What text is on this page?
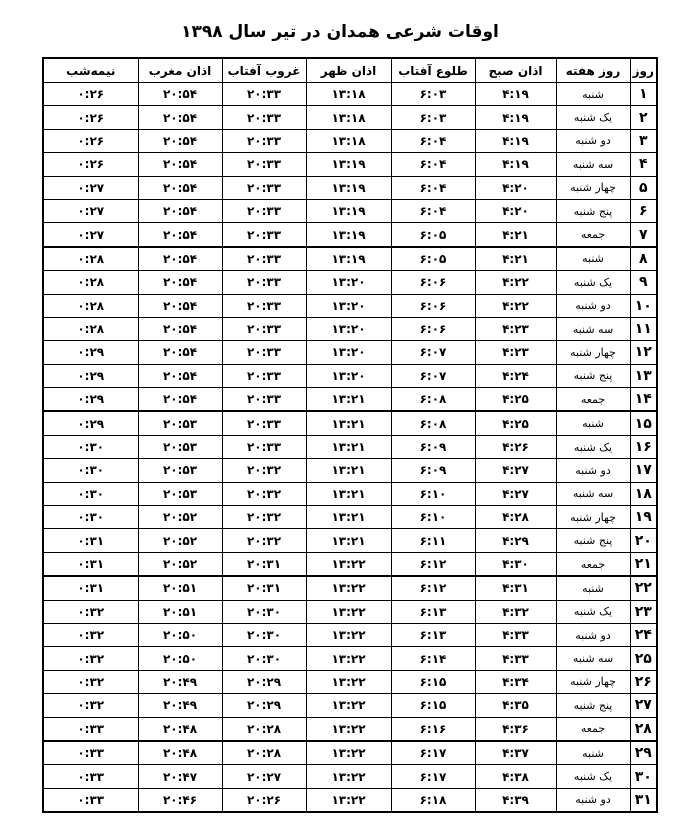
اوقات شرعی همدان در تیر سال ۱۳۹۸
روز	روز هفته	اذان صبح	طلوع آفتاب	اذان ظهر	غروب آفتاب	اذان مغرب	نیمه‌شب
۱	شنبه	۴:۱۹	۶:۰۳	۱۳:۱۸	۲۰:۳۳	۲۰:۵۴	۰:۲۶
۲	یک شنبه	۴:۱۹	۶:۰۳	۱۳:۱۸	۲۰:۳۳	۲۰:۵۴	۰:۲۶
۳	دو شنبه	۴:۱۹	۶:۰۴	۱۳:۱۸	۲۰:۳۳	۲۰:۵۴	۰:۲۶
۴	سه شنبه	۴:۱۹	۶:۰۴	۱۳:۱۹	۲۰:۳۳	۲۰:۵۴	۰:۲۶
۵	چهار شنبه	۴:۲۰	۶:۰۴	۱۳:۱۹	۲۰:۳۳	۲۰:۵۴	۰:۲۷
۶	پنج شنبه	۴:۲۰	۶:۰۴	۱۳:۱۹	۲۰:۳۳	۲۰:۵۴	۰:۲۷
۷	جمعه	۴:۲۱	۶:۰۵	۱۳:۱۹	۲۰:۳۳	۲۰:۵۴	۰:۲۷
۸	شنبه	۴:۲۱	۶:۰۵	۱۳:۱۹	۲۰:۳۳	۲۰:۵۴	۰:۲۸
۹	یک شنبه	۴:۲۲	۶:۰۶	۱۳:۲۰	۲۰:۳۳	۲۰:۵۴	۰:۲۸
۱۰	دو شنبه	۴:۲۲	۶:۰۶	۱۳:۲۰	۲۰:۳۳	۲۰:۵۴	۰:۲۸
۱۱	سه شنبه	۴:۲۳	۶:۰۶	۱۳:۲۰	۲۰:۳۳	۲۰:۵۴	۰:۲۸
۱۲	چهار شنبه	۴:۲۳	۶:۰۷	۱۳:۲۰	۲۰:۳۳	۲۰:۵۴	۰:۲۹
۱۳	پنج شنبه	۴:۲۴	۶:۰۷	۱۳:۲۰	۲۰:۳۳	۲۰:۵۴	۰:۲۹
۱۴	جمعه	۴:۲۵	۶:۰۸	۱۳:۲۱	۲۰:۳۳	۲۰:۵۴	۰:۲۹
۱۵	شنبه	۴:۲۵	۶:۰۸	۱۳:۲۱	۲۰:۳۳	۲۰:۵۳	۰:۲۹
۱۶	یک شنبه	۴:۲۶	۶:۰۹	۱۳:۲۱	۲۰:۳۳	۲۰:۵۳	۰:۳۰
۱۷	دو شنبه	۴:۲۷	۶:۰۹	۱۳:۲۱	۲۰:۳۲	۲۰:۵۳	۰:۳۰
۱۸	سه شنبه	۴:۲۷	۶:۱۰	۱۳:۲۱	۲۰:۳۲	۲۰:۵۳	۰:۳۰
۱۹	چهار شنبه	۴:۲۸	۶:۱۰	۱۳:۲۱	۲۰:۳۲	۲۰:۵۲	۰:۳۰
۲۰	پنج شنبه	۴:۲۹	۶:۱۱	۱۳:۲۱	۲۰:۳۲	۲۰:۵۲	۰:۳۱
۲۱	جمعه	۴:۳۰	۶:۱۲	۱۳:۲۲	۲۰:۳۱	۲۰:۵۲	۰:۳۱
۲۲	شنبه	۴:۳۱	۶:۱۲	۱۳:۲۲	۲۰:۳۱	۲۰:۵۱	۰:۳۱
۲۳	یک شنبه	۴:۳۲	۶:۱۳	۱۳:۲۲	۲۰:۳۰	۲۰:۵۱	۰:۳۲
۲۴	دو شنبه	۴:۳۳	۶:۱۳	۱۳:۲۲	۲۰:۳۰	۲۰:۵۰	۰:۳۲
۲۵	سه شنبه	۴:۳۳	۶:۱۴	۱۳:۲۲	۲۰:۳۰	۲۰:۵۰	۰:۳۲
۲۶	چهار شنبه	۴:۳۴	۶:۱۵	۱۳:۲۲	۲۰:۲۹	۲۰:۴۹	۰:۳۲
۲۷	پنج شنبه	۴:۳۵	۶:۱۵	۱۳:۲۲	۲۰:۲۹	۲۰:۴۹	۰:۳۲
۲۸	جمعه	۴:۳۶	۶:۱۶	۱۳:۲۲	۲۰:۲۸	۲۰:۴۸	۰:۳۳
۲۹	شنبه	۴:۳۷	۶:۱۷	۱۳:۲۲	۲۰:۲۸	۲۰:۴۸	۰:۳۳
۳۰	یک شنبه	۴:۳۸	۶:۱۷	۱۳:۲۲	۲۰:۲۷	۲۰:۴۷	۰:۳۳
۳۱	دو شنبه	۴:۳۹	۶:۱۸	۱۳:۲۲	۲۰:۲۶	۲۰:۴۶	۰:۳۳
